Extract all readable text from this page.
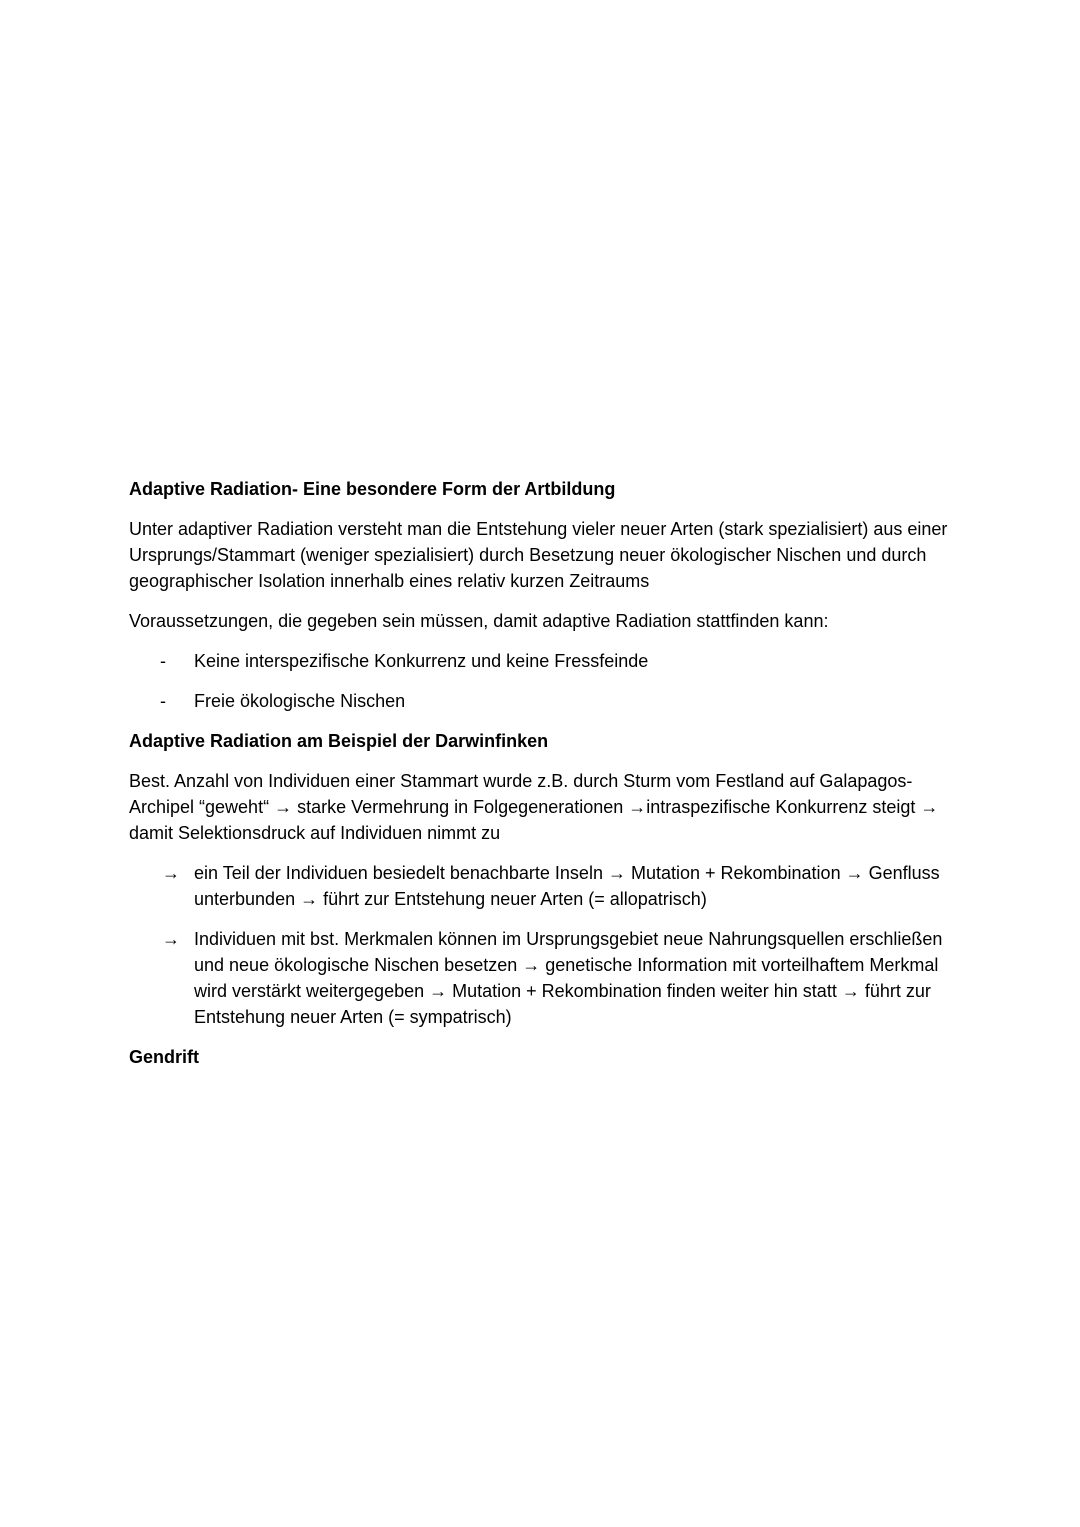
Adaptive Radiation- Eine besondere Form der Artbildung
Unter adaptiver Radiation versteht man die Entstehung vieler neuer Arten (stark spezialisiert) aus einer Ursprungs/Stammart (weniger spezialisiert) durch Besetzung neuer ökologischer Nischen und durch geographischer Isolation innerhalb eines relativ kurzen Zeitraums
Voraussetzungen, die gegeben sein müssen, damit adaptive Radiation stattfinden kann:
- Keine interspezifische Konkurrenz und keine Fressfeinde
- Freie ökologische Nischen
Adaptive Radiation am Beispiel der Darwinfinken
Best. Anzahl von Individuen einer Stammart wurde z.B. durch Sturm vom Festland auf Galapagos-Archipel “geweht“ → starke Vermehrung in Folgegenerationen →intraspezifische Konkurrenz steigt → damit Selektionsdruck auf Individuen nimmt zu
→ ein Teil der Individuen besiedelt benachbarte Inseln → Mutation + Rekombination → Genfluss unterbunden → führt zur Entstehung neuer Arten (= allopatrisch)
→ Individuen mit bst. Merkmalen können im Ursprungsgebiet neue Nahrungsquellen erschließen und neue ökologische Nischen besetzen → genetische Information mit vorteilhaftem Merkmal wird verstärkt weitergegeben → Mutation + Rekombination finden weiter hin statt → führt zur Entstehung neuer Arten (= sympatrisch)
Gendrift
